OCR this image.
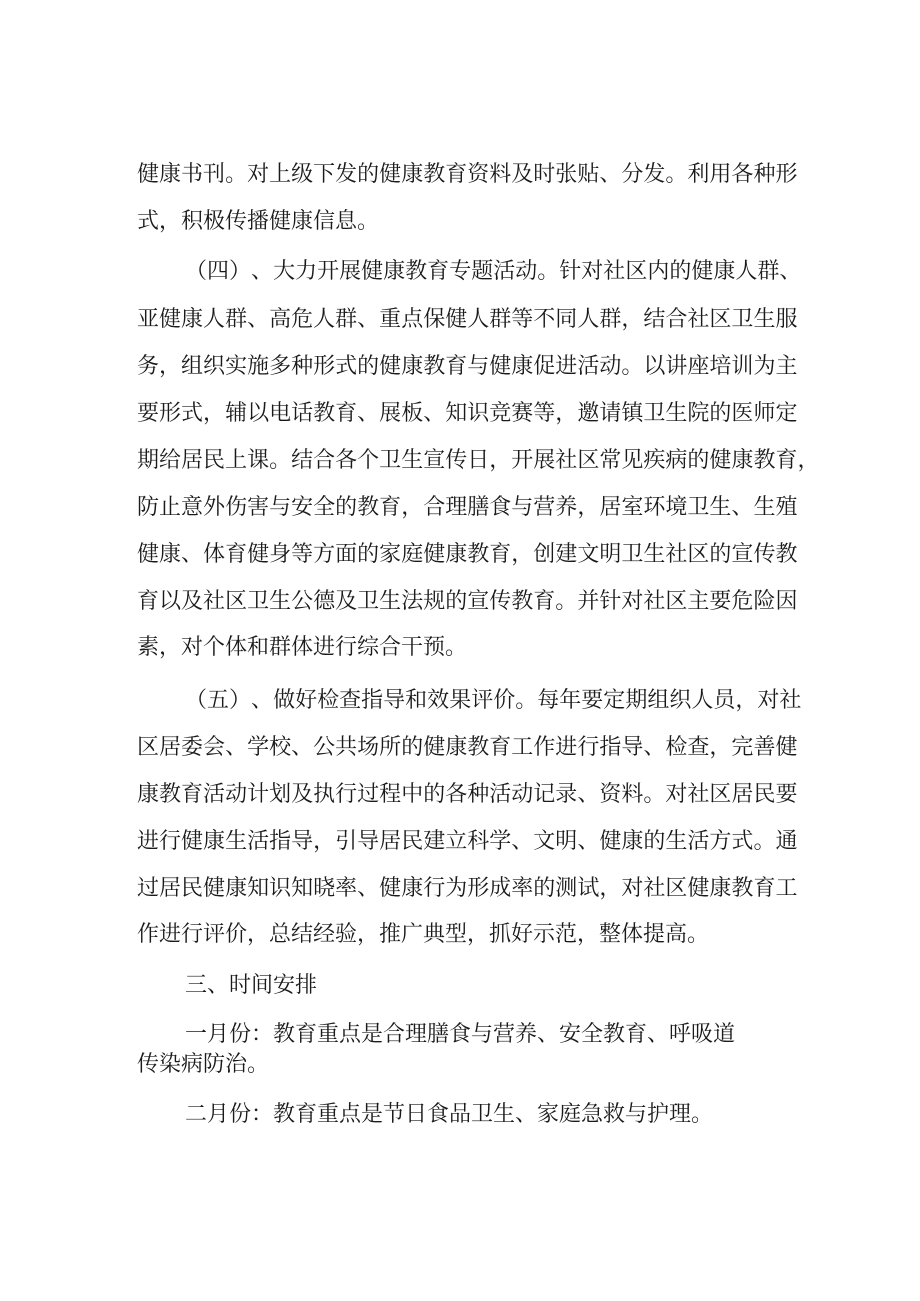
健 康 书 刊 。 对 上 级 下 发 的 健 康 教 育 资 料 及 时 张 贴 、 分 发 。 利 用 各 种 形
式，积极传播健康信息。
（ 四 ） 、 大 力 开 展 健 康 教 育 专 题 活 动 。 针 对 社 区 内 的 健 康 人 群 、
亚 健 康 人 群 、 高 危 人 群 、 重 点 保 健 人 群 等 不 同 人 群 ， 结 合 社 区 卫 生 服
务 ， 组 织 实 施 多 种 形 式 的 健 康 教 育 与 健 康 促 进 活 动 。 以 讲 座 培 训 为 主
要 形 式 ， 辅 以 电 话 教 育 、 展 板 、 知 识 竞 赛 等 ， 邀 请 镇 卫 生 院 的 医 师 定
期 给 居 民 上 课 。 结 合 各 个 卫 生 宣 传 日 ， 开 展 社 区 常 见 疾 病 的 健 康 教 育 ，
防 止 意 外 伤 害 与 安 全 的 教 育 ， 合 理 膳 食 与 营 养 ， 居 室 环 境 卫 生 、 生 殖
健 康 、 体 育 健 身 等 方 面 的 家 庭 健 康 教 育 ， 创 建 文 明 卫 生 社 区 的 宣 传 教
育 以 及 社 区 卫 生 公 德 及 卫 生 法 规 的 宣 传 教 育 。 并 针 对 社 区 主 要 危 险 因
素，对个体和群体进行综合干预。
（ 五 ） 、 做 好 检 查 指 导 和 效 果 评 价 。 每 年 要 定 期 组 织 人 员 ， 对 社
区 居 委 会 、 学 校 、 公 共 场 所 的 健 康 教 育 工 作 进 行 指 导 、 检 查 ， 完 善 健
康 教 育 活 动 计 划 及 执 行 过 程 中 的 各 种 活 动 记 录 、 资 料 。 对 社 区 居 民 要
进 行 健 康 生 活 指 导 ， 引 导 居 民 建 立 科 学 、 文 明 、 健 康 的 生 活 方 式 。 通
过 居 民 健 康 知 识 知 晓 率 、 健 康 行 为 形 成 率 的 测 试 ， 对 社 区 健 康 教 育 工
作进行评价，总结经验，推广典型，抓好示范，整体提高。
三、时间安排
一月份：教育重点是合理膳食与营养、安全教育、呼吸道
传染病防治。
二月份：教育重点是节日食品卫生、家庭急救与护理。
